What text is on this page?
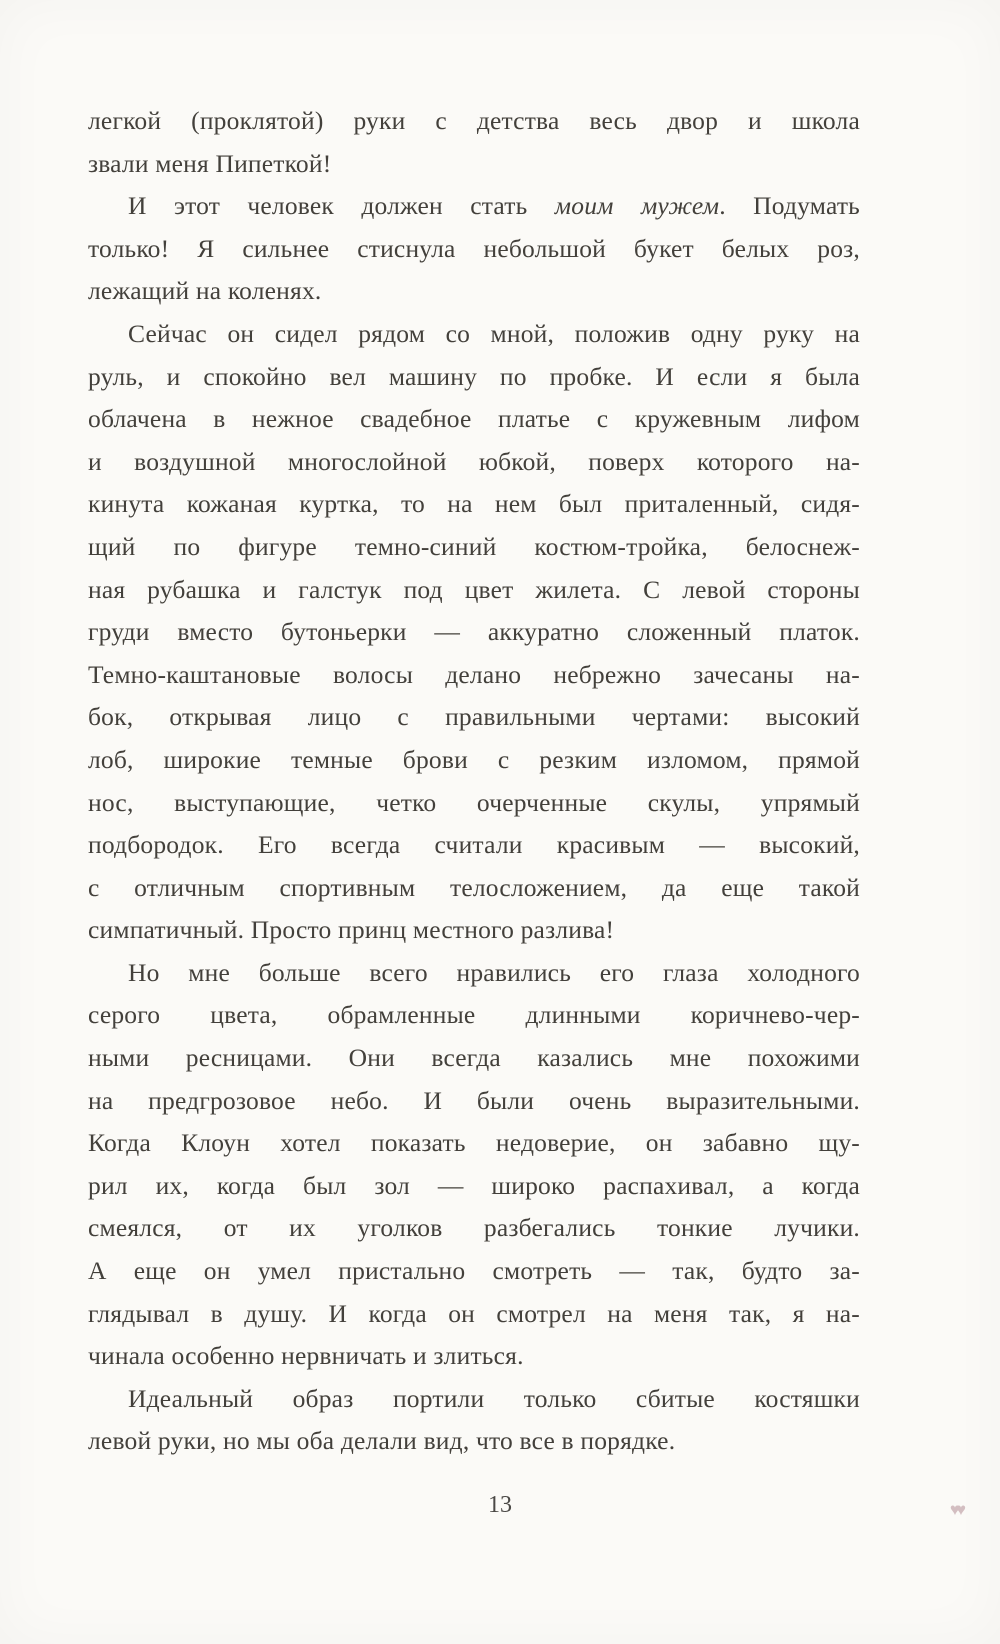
легкой (проклятой) руки с детства весь двор и школа
звали меня Пипеткой!
И этот человек должен стать моим мужем. Подумать
только! Я сильнее стиснула небольшой букет белых роз,
лежащий на коленях.
Сейчас он сидел рядом со мной, положив одну руку на
руль, и спокойно вел машину по пробке. И если я была
облачена в нежное свадебное платье с кружевным лифом
и воздушной многослойной юбкой, поверх которого на-
кинута кожаная куртка, то на нем был приталенный, сидя-
щий по фигуре темно-синий костюм-тройка, белоснеж-
ная рубашка и галстук под цвет жилета. С левой стороны
груди вместо бутоньерки — аккуратно сложенный платок.
Темно-каштановые волосы делано небрежно зачесаны на-
бок, открывая лицо с правильными чертами: высокий
лоб, широкие темные брови с резким изломом, прямой
нос, выступающие, четко очерченные скулы, упрямый
подбородок. Его всегда считали красивым — высокий,
с отличным спортивным телосложением, да еще такой
симпатичный. Просто принц местного разлива!
Но мне больше всего нравились его глаза холодного
серого цвета, обрамленные длинными коричнево-чер-
ными ресницами. Они всегда казались мне похожими
на предгрозовое небо. И были очень выразительными.
Когда Клоун хотел показать недоверие, он забавно щу-
рил их, когда был зол — широко распахивал, а когда
смеялся, от их уголков разбегались тонкие лучики.
А еще он умел пристально смотреть — так, будто за-
глядывал в душу. И когда он смотрел на меня так, я на-
чинала особенно нервничать и злиться.
Идеальный образ портили только сбитые костяшки
левой руки, но мы оба делали вид, что все в порядке.
13	♥♥
